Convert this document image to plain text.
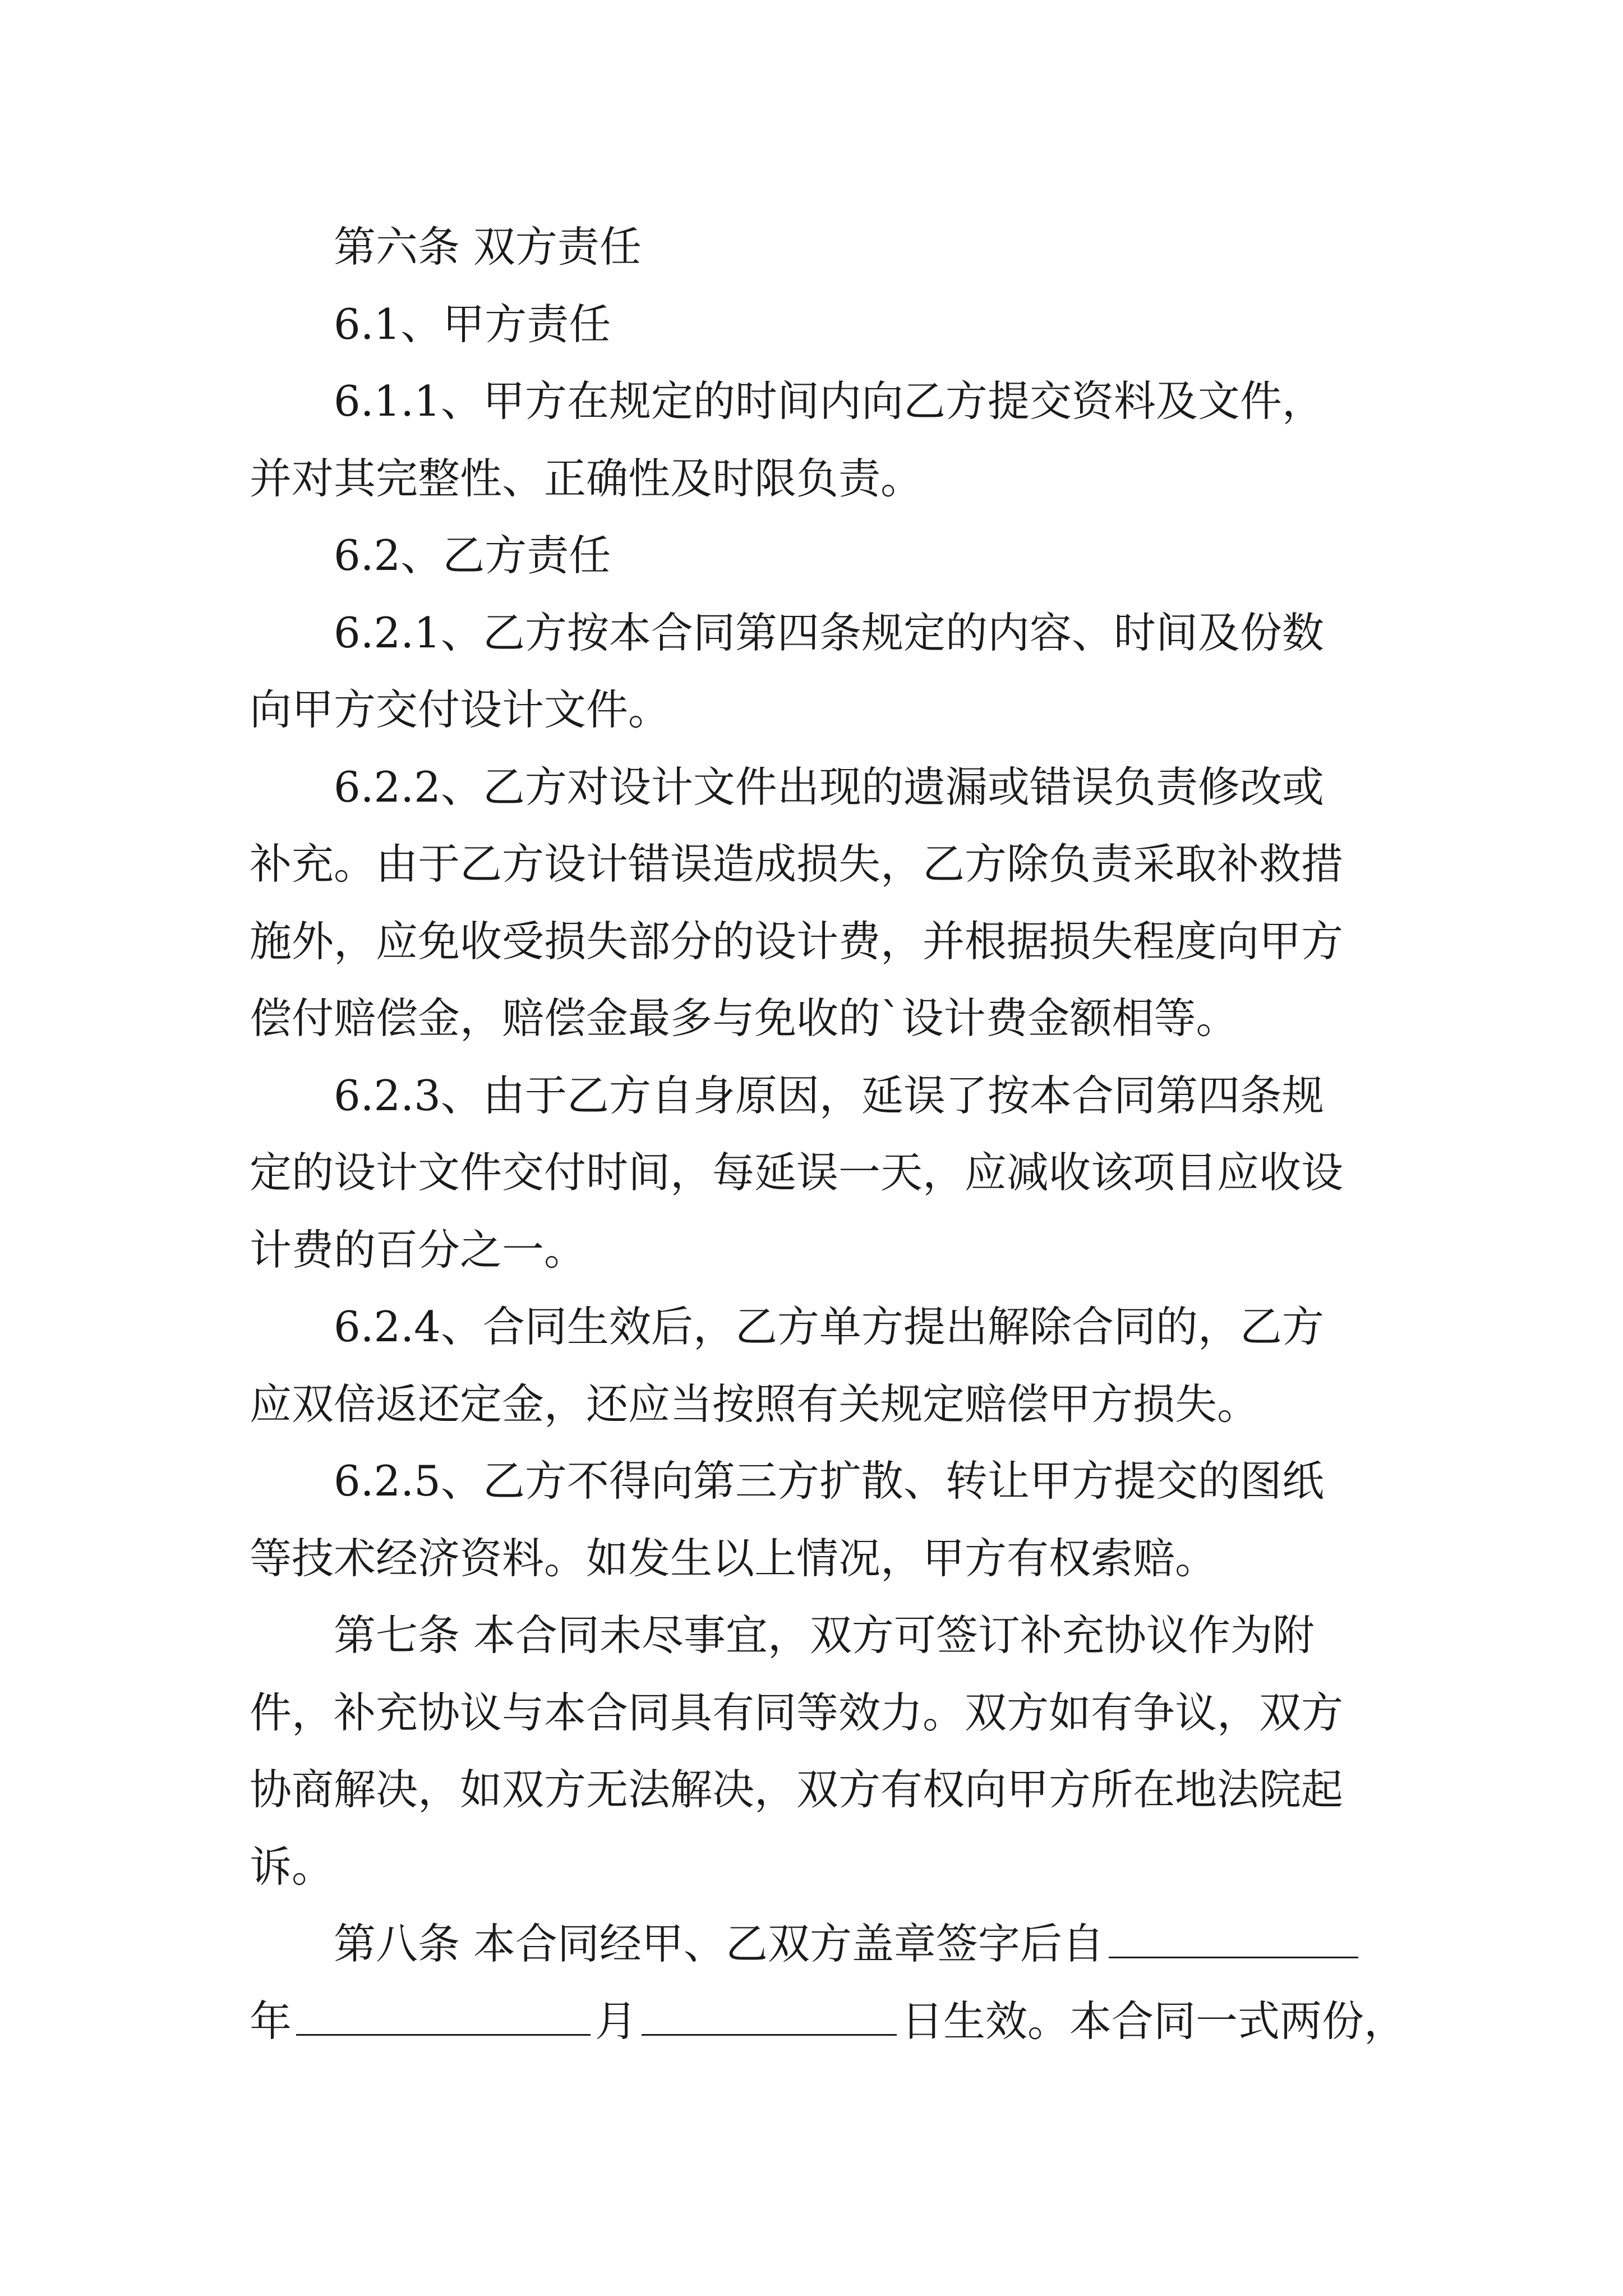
第六条 双方责任
6.1、甲方责任
6.1.1、甲方在规定的时间内向乙方提交资料及文件，
并对其完整性、正确性及时限负责。
6.2、乙方责任
6.2.1、乙方按本合同第四条规定的内容、时间及份数
向甲方交付设计文件。
6.2.2、乙方对设计文件出现的遗漏或错误负责修改或
补充。由于乙方设计错误造成损失，乙方除负责采取补救措
施外，应免收受损失部分的设计费，并根据损失程度向甲方
偿付赔偿金，赔偿金最多与免收的`设计费金额相等。
6.2.3、由于乙方自身原因，延误了按本合同第四条规
定的设计文件交付时间，每延误一天，应减收该项目应收设
计费的百分之一。
6.2.4、合同生效后，乙方单方提出解除合同的，乙方
应双倍返还定金，还应当按照有关规定赔偿甲方损失。
6.2.5、乙方不得向第三方扩散、转让甲方提交的图纸
等技术经济资料。如发生以上情况，甲方有权索赔。
第七条 本合同未尽事宜，双方可签订补充协议作为附
件，补充协议与本合同具有同等效力。双方如有争议，双方
协商解决，如双方无法解决，双方有权向甲方所在地法院起
诉。
第八条 本合同经甲、乙双方盖章签字后自
年	月	日生效。本合同一式两份，
